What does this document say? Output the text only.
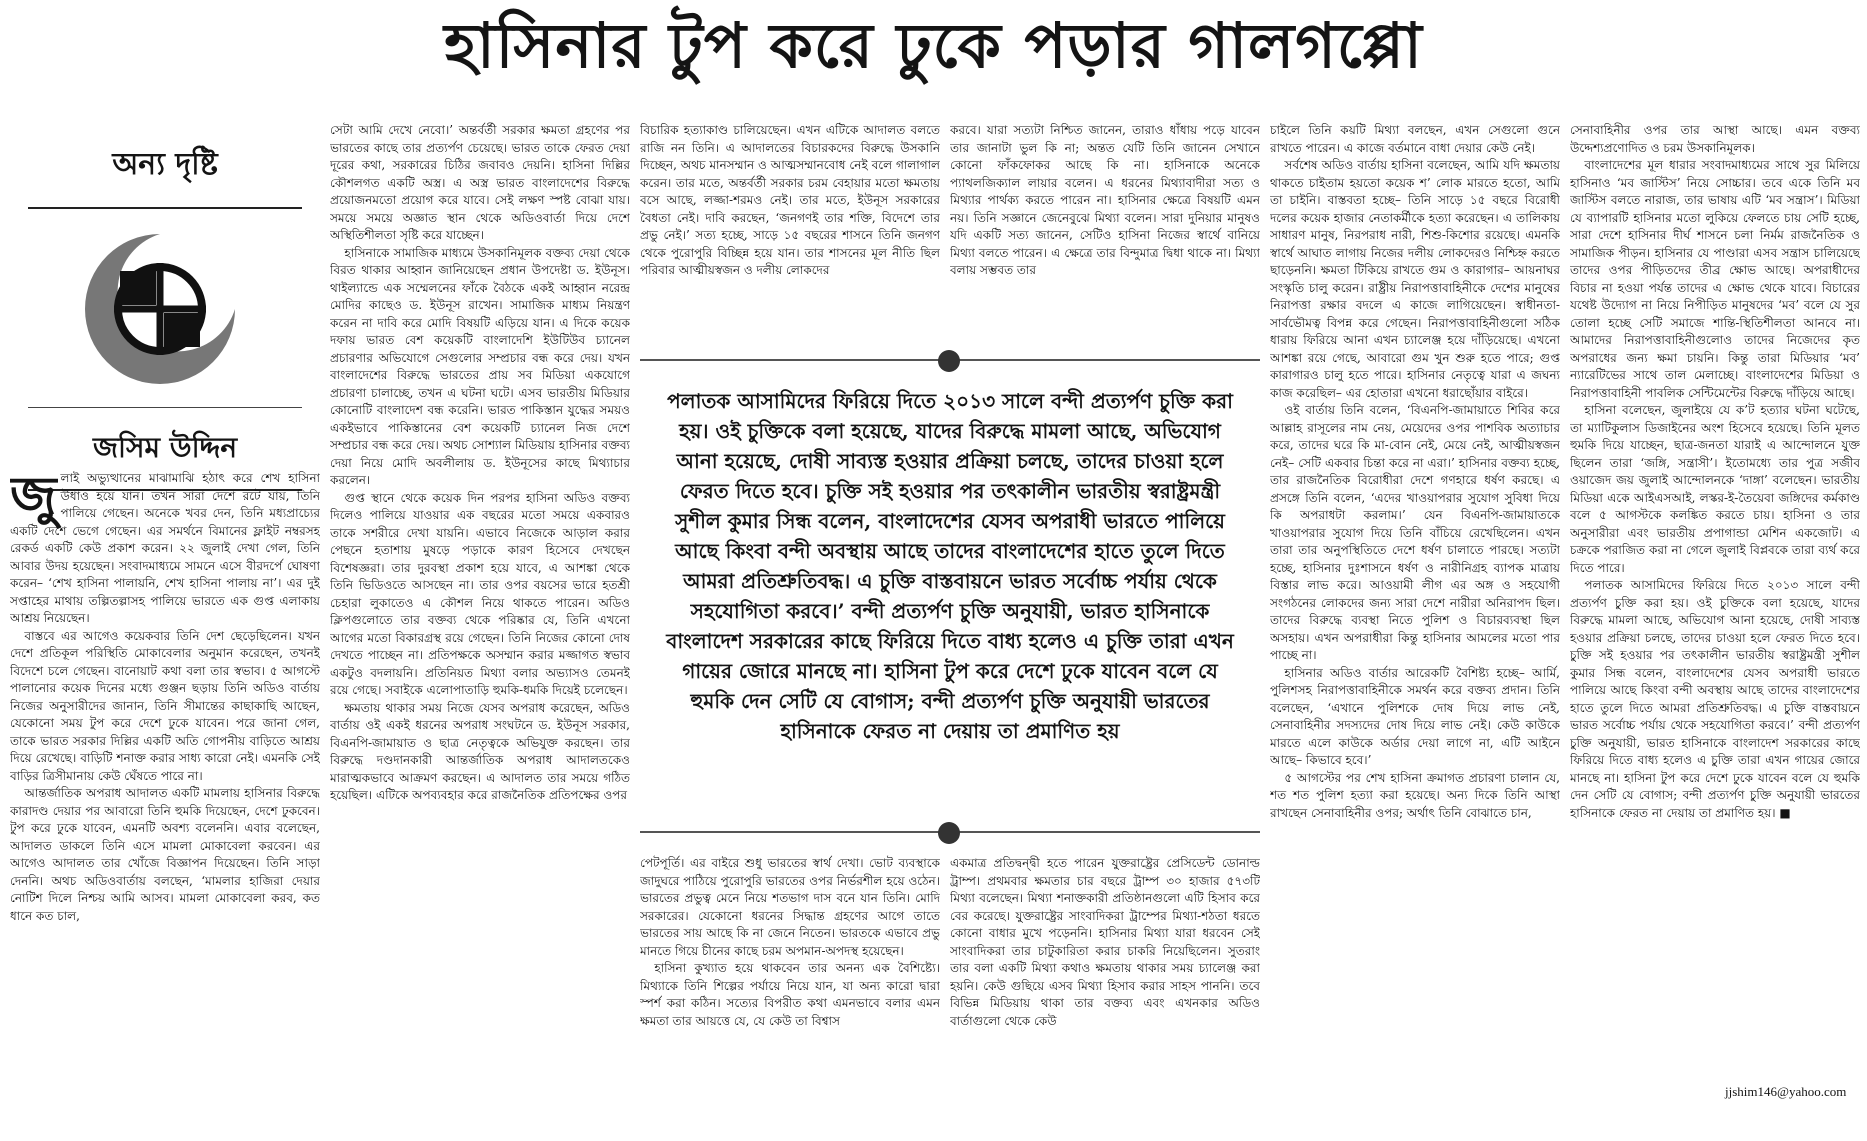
হাসিনার টুপ করে ঢুকে পড়ার গালগপ্পো
অন্য দৃষ্টি
জসিম উদ্দিন

জুলাই অভ্যুত্থানের মাঝামাঝি হঠাৎ করে শেখ হাসিনা উধাও হয়ে যান। তখন সারা দেশে রটে যায়, তিনি পালিয়ে গেছেন। অনেকে খবর দেন, তিনি মধ্যপ্রাচ্যের একটি দেশে ভেগে গেছেন। এর সমর্থনে বিমানের ফ্লাইট নম্বরসহ রেকর্ড একটি কেউ প্রকাশ করেন। ২২ জুলাই দেখা গেল, তিনি আবার উদয় হয়েছেন। সংবাদমাধ্যমে সামনে এসে বীরদর্পে ঘোষণা করেন– ‘শেখ হাসিনা পালায়নি, শেখ হাসিনা পালায় না’। এর দুই সপ্তাহের মাথায় তল্পিতল্পাসহ পালিয়ে ভারতে এক গুপ্ত এলাকায় আশ্রয় নিয়েছেন।

বাস্তবে এর আগেও কয়েকবার তিনি দেশ ছেড়েছিলেন। যখন দেশে প্রতিকূল পরিস্থিতি মোকাবেলার অনুমান করেছেন, তখনই বিদেশে চলে গেছেন। বানোয়াট কথা বলা তার স্বভাব। ৫ আগস্টে পালানোর কয়েক দিনের মধ্যে গুঞ্জন ছড়ায় তিনি অডিও বার্তায় নিজের অনুসারীদের জানান, তিনি সীমান্তের কাছাকাছি আছেন, যেকোনো সময় টুপ করে দেশে ঢুকে যাবেন। পরে জানা গেল, তাকে ভারত সরকার দিল্লির একটি অতি গোপনীয় বাড়িতে আশ্রয় দিয়ে রেখেছে। বাড়িটি শনাক্ত করার সাধ্য কারো নেই। এমনকি সেই বাড়ির ত্রিসীমানায় কেউ ঘেঁষতে পারে না।

আন্তর্জাতিক অপরাধ আদালত একটি মামলায় হাসিনার বিরুদ্ধে কারাদণ্ড দেয়ার পর আবারো তিনি হুমকি দিয়েছেন, দেশে ঢুকবেন। টুপ করে ঢুকে যাবেন, এমনটি অবশ্য বলেননি। এবার বলেছেন, আদালত ডাকলে তিনি এসে মামলা মোকাবেলা করবেন। এর আগেও আদালত তার খোঁজে বিজ্ঞাপন দিয়েছেন। তিনি সাড়া দেননি। অথচ অডিওবার্তায় বলছেন, ‘মামলার হাজিরা দেয়ার নোটিশ দিলে নিশ্চয় আমি আসব। মামলা মোকাবেলা করব, কত ধানে কত চাল,

সেটা আমি দেখে নেবো।’ অন্তর্বর্তী সরকার ক্ষমতা গ্রহণের পর ভারতের কাছে তার প্রত্যর্পণ চেয়েছে। ভারত তাকে ফেরত দেয়া দূরের কথা, সরকারের চিঠির জবাবও দেয়নি। হাসিনা দিল্লির কৌশলগত একটি অস্ত্র। এ অস্ত্র ভারত বাংলাদেশের বিরুদ্ধে প্রয়োজনমতো প্রয়োগ করে যাবে। সেই লক্ষণ স্পষ্ট বোঝা যায়। সময়ে সময়ে অজ্ঞাত স্থান থেকে অডিওবার্তা দিয়ে দেশে অস্থিতিশীলতা সৃষ্টি করে যাচ্ছেন।

হাসিনাকে সামাজিক মাধ্যমে উসকানিমূলক বক্তব্য দেয়া থেকে বিরত থাকার আহ্বান জানিয়েছেন প্রধান উপদেষ্টা ড. ইউনূস। থাইল্যান্ডে এক সম্মেলনের ফাঁকে বৈঠকে একই আহ্বান নরেন্দ্র মোদির কাছেও ড. ইউনূস রাখেন। সামাজিক মাধ্যম নিয়ন্ত্রণ করেন না দাবি করে মোদি বিষয়টি এড়িয়ে যান। এ দিকে কয়েক দফায় ভারত বেশ কয়েকটি বাংলাদেশি ইউটিউব চ্যানেল প্রচারণার অভিযোগে সেগুলোর সম্প্রচার বন্ধ করে দেয়। যখন বাংলাদেশের বিরুদ্ধে ভারতের প্রায় সব মিডিয়া একযোগে প্রচারণা চালাচ্ছে, তখন এ ঘটনা ঘটে। এসব ভারতীয় মিডিয়ার কোনোটি বাংলাদেশ বন্ধ করেনি। ভারত পাকিস্তান যুদ্ধের সময়ও একইভাবে পাকিস্তানের বেশ কয়েকটি চ্যানেল নিজ দেশে সম্প্রচার বন্ধ করে দেয়। অথচ সোশ্যাল মিডিয়ায় হাসিনার বক্তব্য দেয়া নিয়ে মোদি অবলীলায় ড. ইউনূসের কাছে মিথ্যাচার করলেন।

গুপ্ত স্থানে থেকে কয়েক দিন পরপর হাসিনা অডিও বক্তব্য দিলেও পালিয়ে যাওয়ার এক বছরের মতো সময়ে একবারও তাকে সশরীরে দেখা যায়নি। এভাবে নিজেকে আড়াল করার পেছনে হতাশায় মুষড়ে পড়াকে কারণ হিসেবে দেখছেন বিশেষজ্ঞরা। তার দুরবস্থা প্রকাশ হয়ে যাবে, এ আশঙ্কা থেকে তিনি ভিডিওতে আসছেন না। তার ওপর বয়সের ভারে হতশ্রী চেহারা লুকাতেও এ কৌশল নিয়ে থাকতে পারেন। অডিও ক্লিপগুলোতে তার বক্তব্য থেকে পরিষ্কার যে, তিনি এখনো আগের মতো বিকারগ্রস্থ রয়ে গেছেন। তিনি নিজের কোনো দোষ দেখতে পাচ্ছেন না। প্রতিপক্ষকে অসম্মান করার মজ্জাগত স্বভাব একটুও বদলায়নি। প্রতিনিয়ত মিথ্যা বলার অভ্যাসও তেমনই রয়ে গেছে। সবাইকে এলোপাতাড়ি হুমকি-ধমকি দিয়েই চলেছেন।

ক্ষমতায় থাকার সময় নিজে যেসব অপরাধ করেছেন, অডিও বার্তায় ওই একই ধরনের অপরাধ সংঘটনে ড. ইউনূস সরকার, বিএনপি-জামায়াত ও ছাত্র নেতৃত্বকে অভিযুক্ত করছেন। তার বিরুদ্ধে দণ্ডদানকারী আন্তর্জাতিক অপরাধ আদালতকেও মারাত্মকভাবে আক্রমণ করছেন। এ আদালত তার সময়ে গঠিত হয়েছিল। এটিকে অপব্যবহার করে রাজনৈতিক প্রতিপক্ষের ওপর

বিচারিক হত্যাকাণ্ড চালিয়েছেন। এখন এটিকে আদালত বলতে রাজি নন তিনি। এ আদালতের বিচারকদের বিরুদ্ধে উসকানি দিচ্ছেন, অথচ মানসম্মান ও আত্মসম্মানবোধ নেই বলে গালাগাল করেন। তার মতে, অন্তর্বর্তী সরকার চরম বেহায়ার মতো ক্ষমতায় বসে আছে, লজ্জা-শরমও নেই। তার মতে, ইউনূস সরকারের বৈধতা নেই। দাবি করছেন, ‘জনগণই তার শক্তি, বিদেশে তার প্রভু নেই।’ সত্য হচ্ছে, সাড়ে ১৫ বছরের শাসনে তিনি জনগণ থেকে পুরোপুরি বিচ্ছিন্ন হয়ে যান। তার শাসনের মূল নীতি ছিল পরিবার আত্মীয়স্বজন ও দলীয় লোকদের

করবে। যারা সত্যটা নিশ্চিত জানেন, তারাও ধাঁধায় পড়ে যাবেন তার জানাটা ভুল কি না; অন্তত যেটি তিনি জানেন সেখানে কোনো ফাঁকফোকর আছে কি না। হাসিনাকে অনেকে প্যাথলজিক্যাল লায়ার বলেন। এ ধরনের মিথ্যাবাদীরা সত্য ও মিথ্যার পার্থক্য করতে পারেন না। হাসিনার ক্ষেত্রে বিষয়টি এমন নয়। তিনি সজ্ঞানে জেনেবুঝে মিথ্যা বলেন। সারা দুনিয়ার মানুষও যদি একটি সত্য জানেন, সেটিও হাসিনা নিজের স্বার্থে বানিয়ে মিথ্যা বলতে পারেন। এ ক্ষেত্রে তার বিন্দুমাত্র দ্বিধা থাকে না। মিথ্যা বলায় সম্ভবত তার

পলাতক আসামিদের ফিরিয়ে দিতে ২০১৩ সালে বন্দী প্রত্যর্পণ চুক্তি করা হয়। ওই চুক্তিকে বলা হয়েছে, যাদের বিরুদ্ধে মামলা আছে, অভিযোগ আনা হয়েছে, দোষী সাব্যস্ত হওয়ার প্রক্রিয়া চলছে, তাদের চাওয়া হলে ফেরত দিতে হবে। চুক্তি সই হওয়ার পর তৎকালীন ভারতীয় স্বরাষ্ট্রমন্ত্রী সুশীল কুমার সিন্ধ বলেন, বাংলাদেশের যেসব অপরাধী ভারতে পালিয়ে আছে কিংবা বন্দী অবস্থায় আছে তাদের বাংলাদেশের হাতে তুলে দিতে আমরা প্রতিশ্রুতিবদ্ধ। এ চুক্তি বাস্তবায়নে ভারত সর্বোচ্চ পর্যায় থেকে সহযোগিতা করবে।’ বন্দী প্রত্যর্পণ চুক্তি অনুযায়ী, ভারত হাসিনাকে বাংলাদেশ সরকারের কাছে ফিরিয়ে দিতে বাধ্য হলেও এ চুক্তি তারা এখন গায়ের জোরে মানছে না। হাসিনা টুপ করে দেশে ঢুকে যাবেন বলে যে হুমকি দেন সেটি যে বোগাস; বন্দী প্রত্যর্পণ চুক্তি অনুযায়ী ভারতের হাসিনাকে ফেরত না দেয়ায় তা প্রমাণিত হয়

পেটপূর্তি। এর বাইরে শুধু ভারতের স্বার্থ দেখা। ভোট ব্যবস্থাকে জাদুঘরে পাঠিয়ে পুরোপুরি ভারতের ওপর নির্ভরশীল হয়ে ওঠেন। ভারতের প্রভুত্ব মেনে নিয়ে শতভাগ দাস বনে যান তিনি। মোদি সরকারের। যেকোনো ধরনের সিদ্ধান্ত গ্রহণের আগে তাতে ভারতের সায় আছে কি না জেনে নিতেন। ভারতকে এভাবে প্রভু মানতে গিয়ে চীনের কাছে চরম অপমান-অপদস্থ হয়েছেন।

হাসিনা কুখ্যাত হয়ে থাকবেন তার অনন্য এক বৈশিষ্ট্যে। মিথ্যাকে তিনি শিল্পের পর্যায়ে নিয়ে যান, যা অন্য কারো দ্বারা স্পর্শ করা কঠিন। সত্যের বিপরীত কথা এমনভাবে বলার এমন ক্ষমতা তার আয়ত্তে যে, যে কেউ তা বিশ্বাস

একমাত্র প্রতিদ্বন্দ্বী হতে পারেন যুক্তরাষ্ট্রের প্রেসিডেন্ট ডোনাল্ড ট্রাম্প। প্রথমবার ক্ষমতার চার বছরে ট্রাম্প ৩০ হাজার ৫৭৩টি মিথ্যা বলেছেন। মিথ্যা শনাক্তকারী প্রতিষ্ঠানগুলো এটি হিসাব করে বের করেছে। যুক্তরাষ্ট্রের সাংবাদিকরা ট্রাম্পের মিথ্যা-শঠতা ধরতে কোনো বাধার মুখে পড়েননি। হাসিনার মিথ্যা যারা ধরবেন সেই সাংবাদিকরা তার চাটুকারিতা করার চাকরি নিয়েছিলেন। সুতরাং তার বলা একটি মিথ্যা কথাও ক্ষমতায় থাকার সময় চ্যালেঞ্জ করা হয়নি। কেউ গুছিয়ে এসব মিথ্যা হিসাব করার সাহস পাননি। তবে বিভিন্ন মিডিয়ায় থাকা তার বক্তব্য এবং এখনকার অডিও বার্তাগুলো থেকে কেউ

চাইলে তিনি কয়টি মিথ্যা বলছেন, এখন সেগুলো গুনে রাখতে পারেন। এ কাজে বর্তমানে বাধা দেয়ার কেউ নেই।

সর্বশেষ অডিও বার্তায় হাসিনা বলেছেন, আমি যদি ক্ষমতায় থাকতে চাইতাম হয়তো কয়েক শ’ লোক মারতে হতো, আমি তা চাইনি। বাস্তবতা হচ্ছে– তিনি সাড়ে ১৫ বছরে বিরোধী দলের কয়েক হাজার নেতাকর্মীকে হত্যা করেছেন। এ তালিকায় সাধারণ মানুষ, নিরপরাধ নারী, শিশু-কিশোর রয়েছে। এমনকি স্বার্থে আঘাত লাগায় নিজের দলীয় লোকদেরও নিশ্চিহ্ন করতে ছাড়েননি। ক্ষমতা টিকিয়ে রাখতে গুম ও কারাগার– আয়নাঘর সংস্কৃতি চালু করেন। রাষ্ট্রীয় নিরাপত্তাবাহিনীকে দেশের মানুষের নিরাপত্তা রক্ষার বদলে এ কাজে লাগিয়েছেন। স্বাধীনতা-সার্বভৌমত্ব বিপন্ন করে গেছেন। নিরাপত্তাবাহিনীগুলো সঠিক ধারায় ফিরিয়ে আনা এখন চ্যালেঞ্জ হয়ে দাঁড়িয়েছে। এখনো আশঙ্কা রয়ে গেছে, আবারো গুম খুন শুরু হতে পারে; গুপ্ত কারাগারও চালু হতে পারে। হাসিনার নেতৃত্বে যারা এ জঘন্য কাজ করেছিল– এর হোতারা এখনো ধরাছোঁয়ার বাইরে।

ওই বার্তায় তিনি বলেন, ‘বিএনপি-জামায়াতে শিবির করে আল্লাহ রাসূলের নাম নেয়, মেয়েদের ওপর পাশবিক অত্যাচার করে, তাদের ঘরে কি মা-বোন নেই, মেয়ে নেই, আত্মীয়স্বজন নেই– সেটি একবার চিন্তা করে না এরা।’ হাসিনার বক্তব্য হচ্ছে, তার রাজনৈতিক বিরোধীরা দেশে গণহারে ধর্ষণ করছে। এ প্রসঙ্গে তিনি বলেন, ‘এদের খাওয়াপরার সুযোগ সুবিধা দিয়ে কি অপরাধটা করলাম।’ যেন বিএনপি-জামায়াতকে খাওয়াপরার সুযোগ দিয়ে তিনি বাঁচিয়ে রেখেছিলেন। এখন তারা তার অনুপস্থিতিতে দেশে ধর্ষণ চালাতে পারছে। সত্যটা হচ্ছে, হাসিনার দুঃশাসনে ধর্ষণ ও নারীনিগ্রহ ব্যাপক মাত্রায় বিস্তার লাভ করে। আওয়ামী লীগ এর অঙ্গ ও সহযোগী সংগঠনের লোকদের জন্য সারা দেশে নারীরা অনিরাপদ ছিল। তাদের বিরুদ্ধে ব্যবস্থা নিতে পুলিশ ও বিচারব্যবস্থা ছিল অসহায়। এখন অপরাধীরা কিন্তু হাসিনার আমলের মতো পার পাচ্ছে না।

হাসিনার অডিও বার্তার আরেকটি বৈশিষ্ট্য হচ্ছে– আর্মি, পুলিশসহ নিরাপত্তাবাহিনীকে সমর্থন করে বক্তব্য প্রদান। তিনি বলেছেন, ‘এখানে পুলিশকে দোষ দিয়ে লাভ নেই, সেনাবাহিনীর সদস্যদের দোষ দিয়ে লাভ নেই। কেউ কাউকে মারতে এলে কাউকে অর্ডার দেয়া লাগে না, এটি আইনে আছে– কিভাবে হবে।’

৫ আগস্টের পর শেখ হাসিনা ক্রমাগত প্রচারণা চালান যে, শত শত পুলিশ হত্যা করা হয়েছে। অন্য দিকে তিনি আস্থা রাখছেন সেনাবাহিনীর ওপর; অর্থাৎ তিনি বোঝাতে চান,

সেনাবাহিনীর ওপর তার আস্থা আছে। এমন বক্তব্য উদ্দেশ্যপ্রণোদিত ও চরম উসকানিমূলক।

বাংলাদেশের মূল ধারার সংবাদমাধ্যমের সাথে সুর মিলিয়ে হাসিনাও ‘মব জাস্টিস’ নিয়ে সোচ্চার। তবে একে তিনি মব জাস্টিস বলতে নারাজ, তার ভাষায় এটি ‘মব সন্ত্রাস’। মিডিয়া যে ব্যাপারটি হাসিনার মতো লুকিয়ে ফেলতে চায় সেটি হচ্ছে, সারা দেশে হাসিনার দীর্ঘ শাসনে চলা নির্মম রাজনৈতিক ও সামাজিক পীড়ন। হাসিনার যে পাণ্ডারা এসব সন্ত্রাস চালিয়েছে তাদের ওপর পীড়িতদের তীব্র ক্ষোভ আছে। অপরাধীদের বিচার না হওয়া পর্যন্ত তাদের এ ক্ষোভ থেকে যাবে। বিচারের যথেষ্ট উদ্যোগ না নিয়ে নিপীড়িত মানুষদের ‘মব’ বলে যে সুর তোলা হচ্ছে সেটি সমাজে শান্তি-স্থিতিশীলতা আনবে না। আমাদের নিরাপত্তাবাহিনীগুলোও তাদের নিজেদের কৃত অপরাধের জন্য ক্ষমা চায়নি। কিন্তু তারা মিডিয়ার ‘মব’ ন্যারেটিভের সাথে তাল মেলাচ্ছে। বাংলাদেশের মিডিয়া ও নিরাপত্তাবাহিনী পাবলিক সেন্টিমেন্টের বিরুদ্ধে দাঁড়িয়ে আছে।

হাসিনা বলেছেন, জুলাইয়ে যে ক’ট হত্যার ঘটনা ঘটেছে, তা ম্যাটিকুলাস ডিজাইনের অংশ হিসেবে হয়েছে। তিনি মূলত হুমকি দিয়ে যাচ্ছেন, ছাত্র-জনতা যারাই এ আন্দোলনে যুক্ত ছিলেন তারা ‘জঙ্গি, সন্ত্রাসী’। ইতোমধ্যে তার পুত্র সজীব ওয়াজেদ জয় জুলাই আন্দোলনকে ‘দাঙ্গা’ বলেছেন। ভারতীয় মিডিয়া একে আইএসআই, লস্কর-ই-তৈয়েবা জঙ্গিদের কর্মকাণ্ড বলে ৫ আগস্টকে কলঙ্কিত করতে চায়। হাসিনা ও তার অনুসারীরা এবং ভারতীয় প্রপাগান্ডা মেশিন একজোট। এ চক্রকে পরাজিত করা না গেলে জুলাই বিপ্লবকে তারা ব্যর্থ করে দিতে পারে।

পলাতক আসামিদের ফিরিয়ে দিতে ২০১৩ সালে বন্দী প্রত্যর্পণ চুক্তি করা হয়। ওই চুক্তিকে বলা হয়েছে, যাদের বিরুদ্ধে মামলা আছে, অভিযোগ আনা হয়েছে, দোষী সাব্যস্ত হওয়ার প্রক্রিয়া চলছে, তাদের চাওয়া হলে ফেরত দিতে হবে। চুক্তি সই হওয়ার পর তৎকালীন ভারতীয় স্বরাষ্ট্রমন্ত্রী সুশীল কুমার সিন্ধ বলেন, বাংলাদেশের যেসব অপরাধী ভারতে পালিয়ে আছে কিংবা বন্দী অবস্থায় আছে তাদের বাংলাদেশের হাতে তুলে দিতে আমরা প্রতিশ্রুতিবদ্ধ। এ চুক্তি বাস্তবায়নে ভারত সর্বোচ্চ পর্যায় থেকে সহযোগিতা করবে।’ বন্দী প্রত্যর্পণ চুক্তি অনুযায়ী, ভারত হাসিনাকে বাংলাদেশ সরকারের কাছে ফিরিয়ে দিতে বাধ্য হলেও এ চুক্তি তারা এখন গায়ের জোরে মানছে না। হাসিনা টুপ করে দেশে ঢুকে যাবেন বলে যে হুমকি দেন সেটি যে বোগাস; বন্দী প্রত্যর্পণ চুক্তি অনুযায়ী ভারতের হাসিনাকে ফেরত না দেয়ায় তা প্রমাণিত হয়। ■

jjshim146@yahoo.com
